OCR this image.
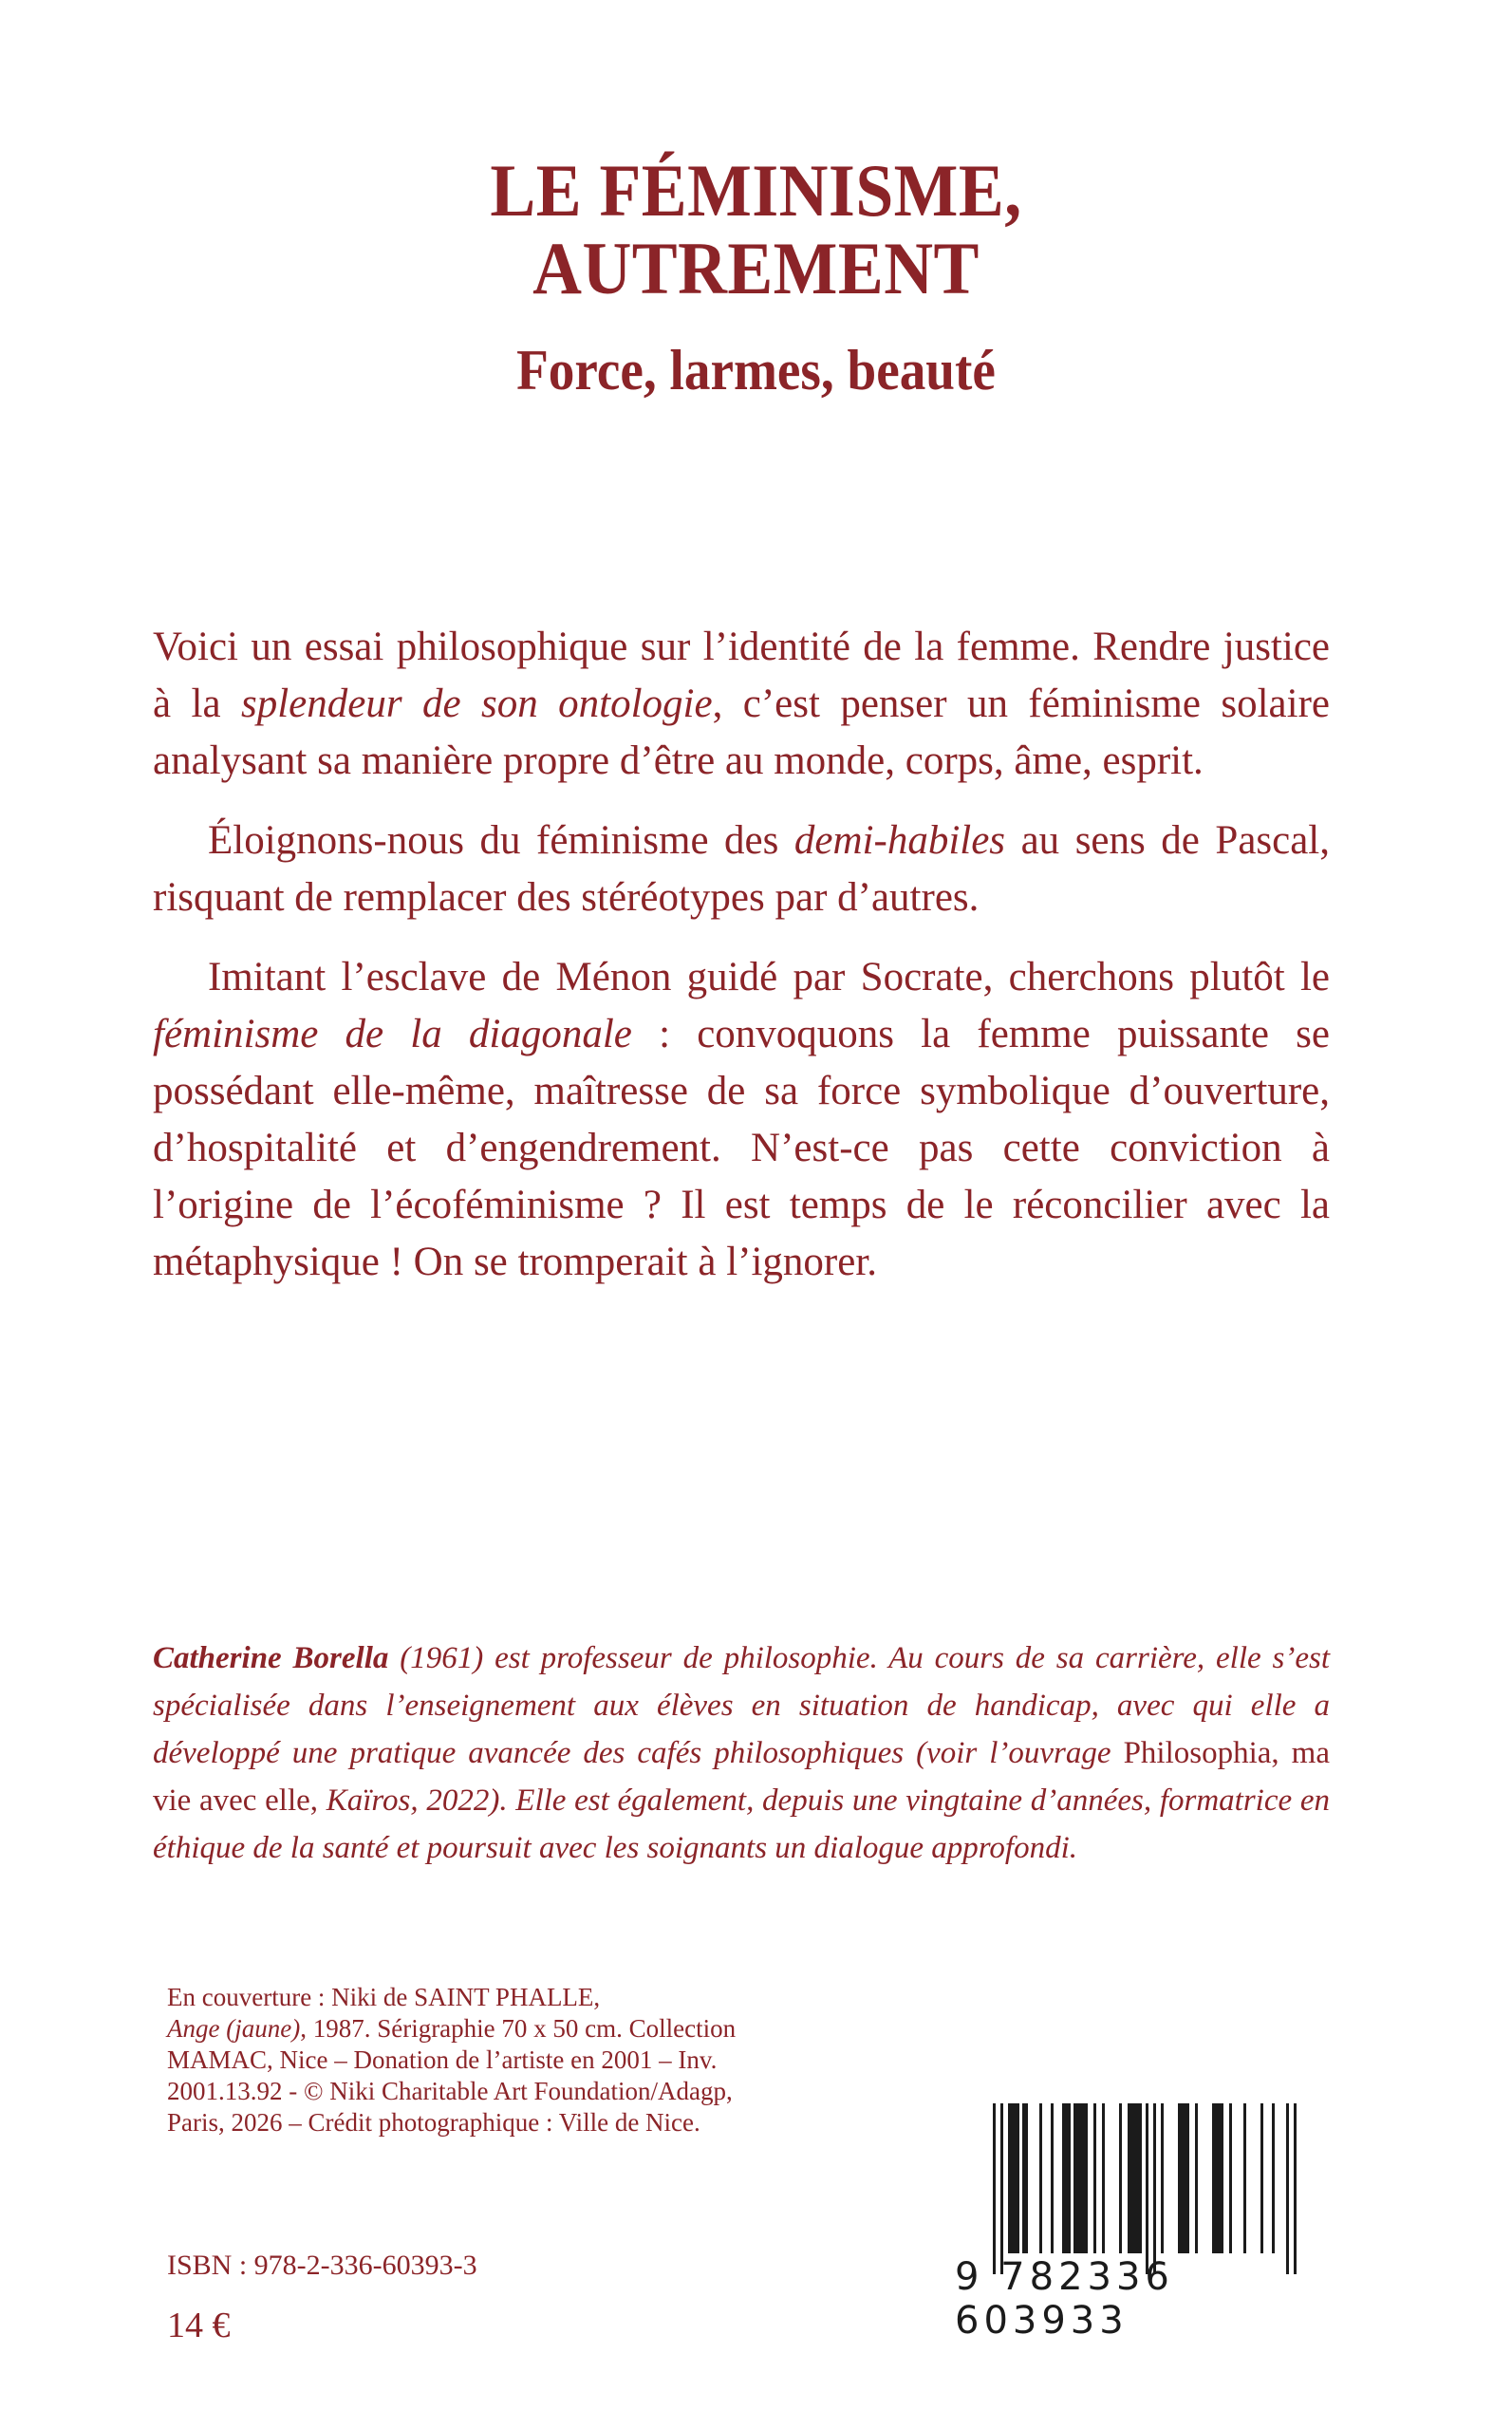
LE FÉMINISME,
AUTREMENT
Force, larmes, beauté

Voici un essai philosophique sur l’identité de la femme. Rendre justice à la splendeur de son ontologie, c’est penser un féminisme solaire analysant sa manière propre d’être au monde, corps, âme, esprit.

Éloignons-nous du féminisme des demi-habiles au sens de Pascal, risquant de remplacer des stéréotypes par d’autres.

Imitant l’esclave de Ménon guidé par Socrate, cherchons plutôt le féminisme de la diagonale : convoquons la femme puissante se possédant elle-même, maîtresse de sa force symbolique d’ouverture, d’hospitalité et d’engendrement. N’est-ce pas cette conviction à l’origine de l’écoféminisme ? Il est temps de le réconcilier avec la métaphysique ! On se tromperait à l’ignorer.

Catherine Borella (1961) est professeur de philosophie. Au cours de sa carrière, elle s’est spécialisée dans l’enseignement aux élèves en situation de handicap, avec qui elle a développé une pratique avancée des cafés philosophiques (voir l’ouvrage Philosophia, ma vie avec elle, Kaïros, 2022). Elle est également, depuis une vingtaine d’années, formatrice en éthique de la santé et poursuit avec les soignants un dialogue approfondi.
En couverture : Niki de SAINT PHALLE,
Ange (jaune), 1987. Sérigraphie 70 x 50 cm. Collection MAMAC, Nice – Donation de l’artiste en 2001 – Inv. 2001.13.92 - © Niki Charitable Art Foundation/Adagp, Paris, 2026 – Crédit photographique : Ville de Nice.
ISBN : 978-2-336-60393-3
14 €
9 782336 603933
